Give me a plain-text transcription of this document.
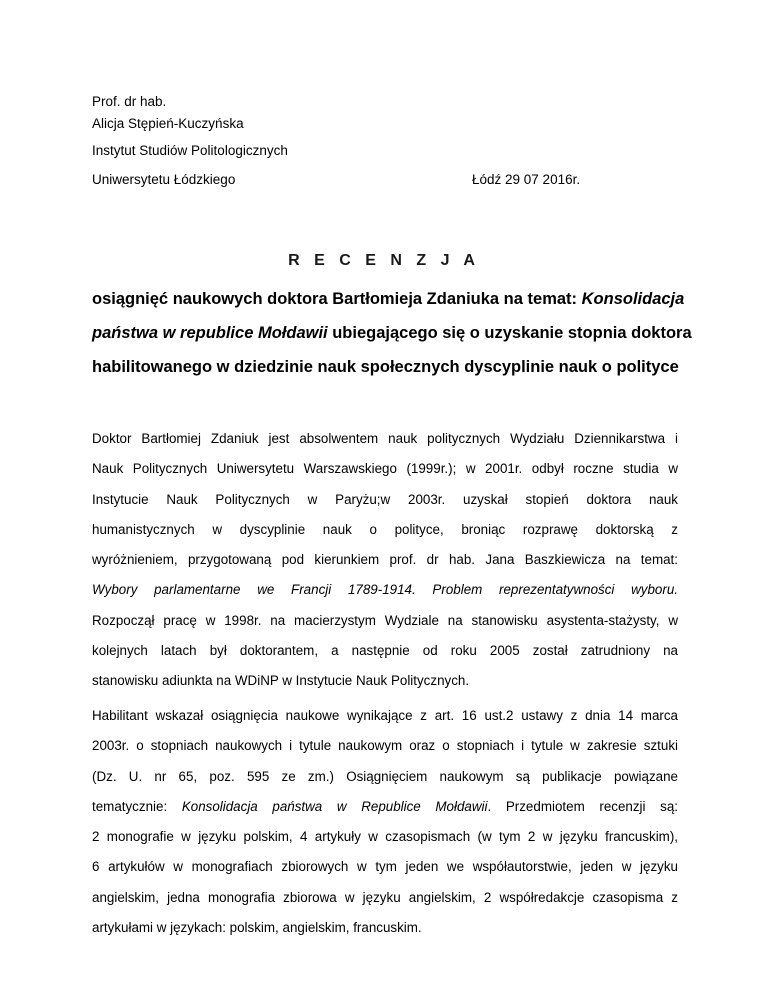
Prof. dr hab.
Alicja Stępień-Kuczyńska
Instytut Studiów Politologicznych
Uniwersytetu Łódzkiego	Łódź 29 07 2016r.
R E C E N Z J A
osiągnięć naukowych doktora Bartłomieja Zdaniuka na temat: Konsolidacja
państwa w republice Mołdawii ubiegającego się o uzyskanie stopnia doktora
habilitowanego w dziedzinie nauk społecznych dyscyplinie nauk o polityce
Doktor Bartłomiej Zdaniuk jest absolwentem nauk politycznych Wydziału Dziennikarstwa i
Nauk Politycznych Uniwersytetu Warszawskiego (1999r.); w 2001r. odbył roczne studia w
Instytucie Nauk Politycznych w Paryżu;w 2003r. uzyskał stopień doktora nauk
humanistycznych w dyscyplinie nauk o polityce, broniąc rozprawę doktorską z
wyróżnieniem, przygotowaną pod kierunkiem prof. dr hab. Jana Baszkiewicza na temat:
Wybory parlamentarne we Francji 1789-1914. Problem reprezentatywności wyboru.
Rozpoczął pracę w 1998r. na macierzystym Wydziale na stanowisku asystenta-stażysty, w
kolejnych latach był doktorantem, a następnie od roku 2005 został zatrudniony na
stanowisku adiunkta na WDiNP w Instytucie Nauk Politycznych.
Habilitant wskazał osiągnięcia naukowe wynikające z art. 16 ust.2 ustawy z dnia 14 marca
2003r. o stopniach naukowych i tytule naukowym oraz o stopniach i tytule w zakresie sztuki
(Dz. U. nr 65, poz. 595 ze zm.) Osiągnięciem naukowym są publikacje powiązane
tematycznie: Konsolidacja państwa w Republice Mołdawii. Przedmiotem recenzji są:
2 monografie w języku polskim, 4 artykuły w czasopismach (w tym 2 w języku francuskim),
6 artykułów w monografiach zbiorowych w tym jeden we współautorstwie, jeden w języku
angielskim, jedna monografia zbiorowa w języku angielskim, 2 współredakcje czasopisma z
artykułami w językach: polskim, angielskim, francuskim.
